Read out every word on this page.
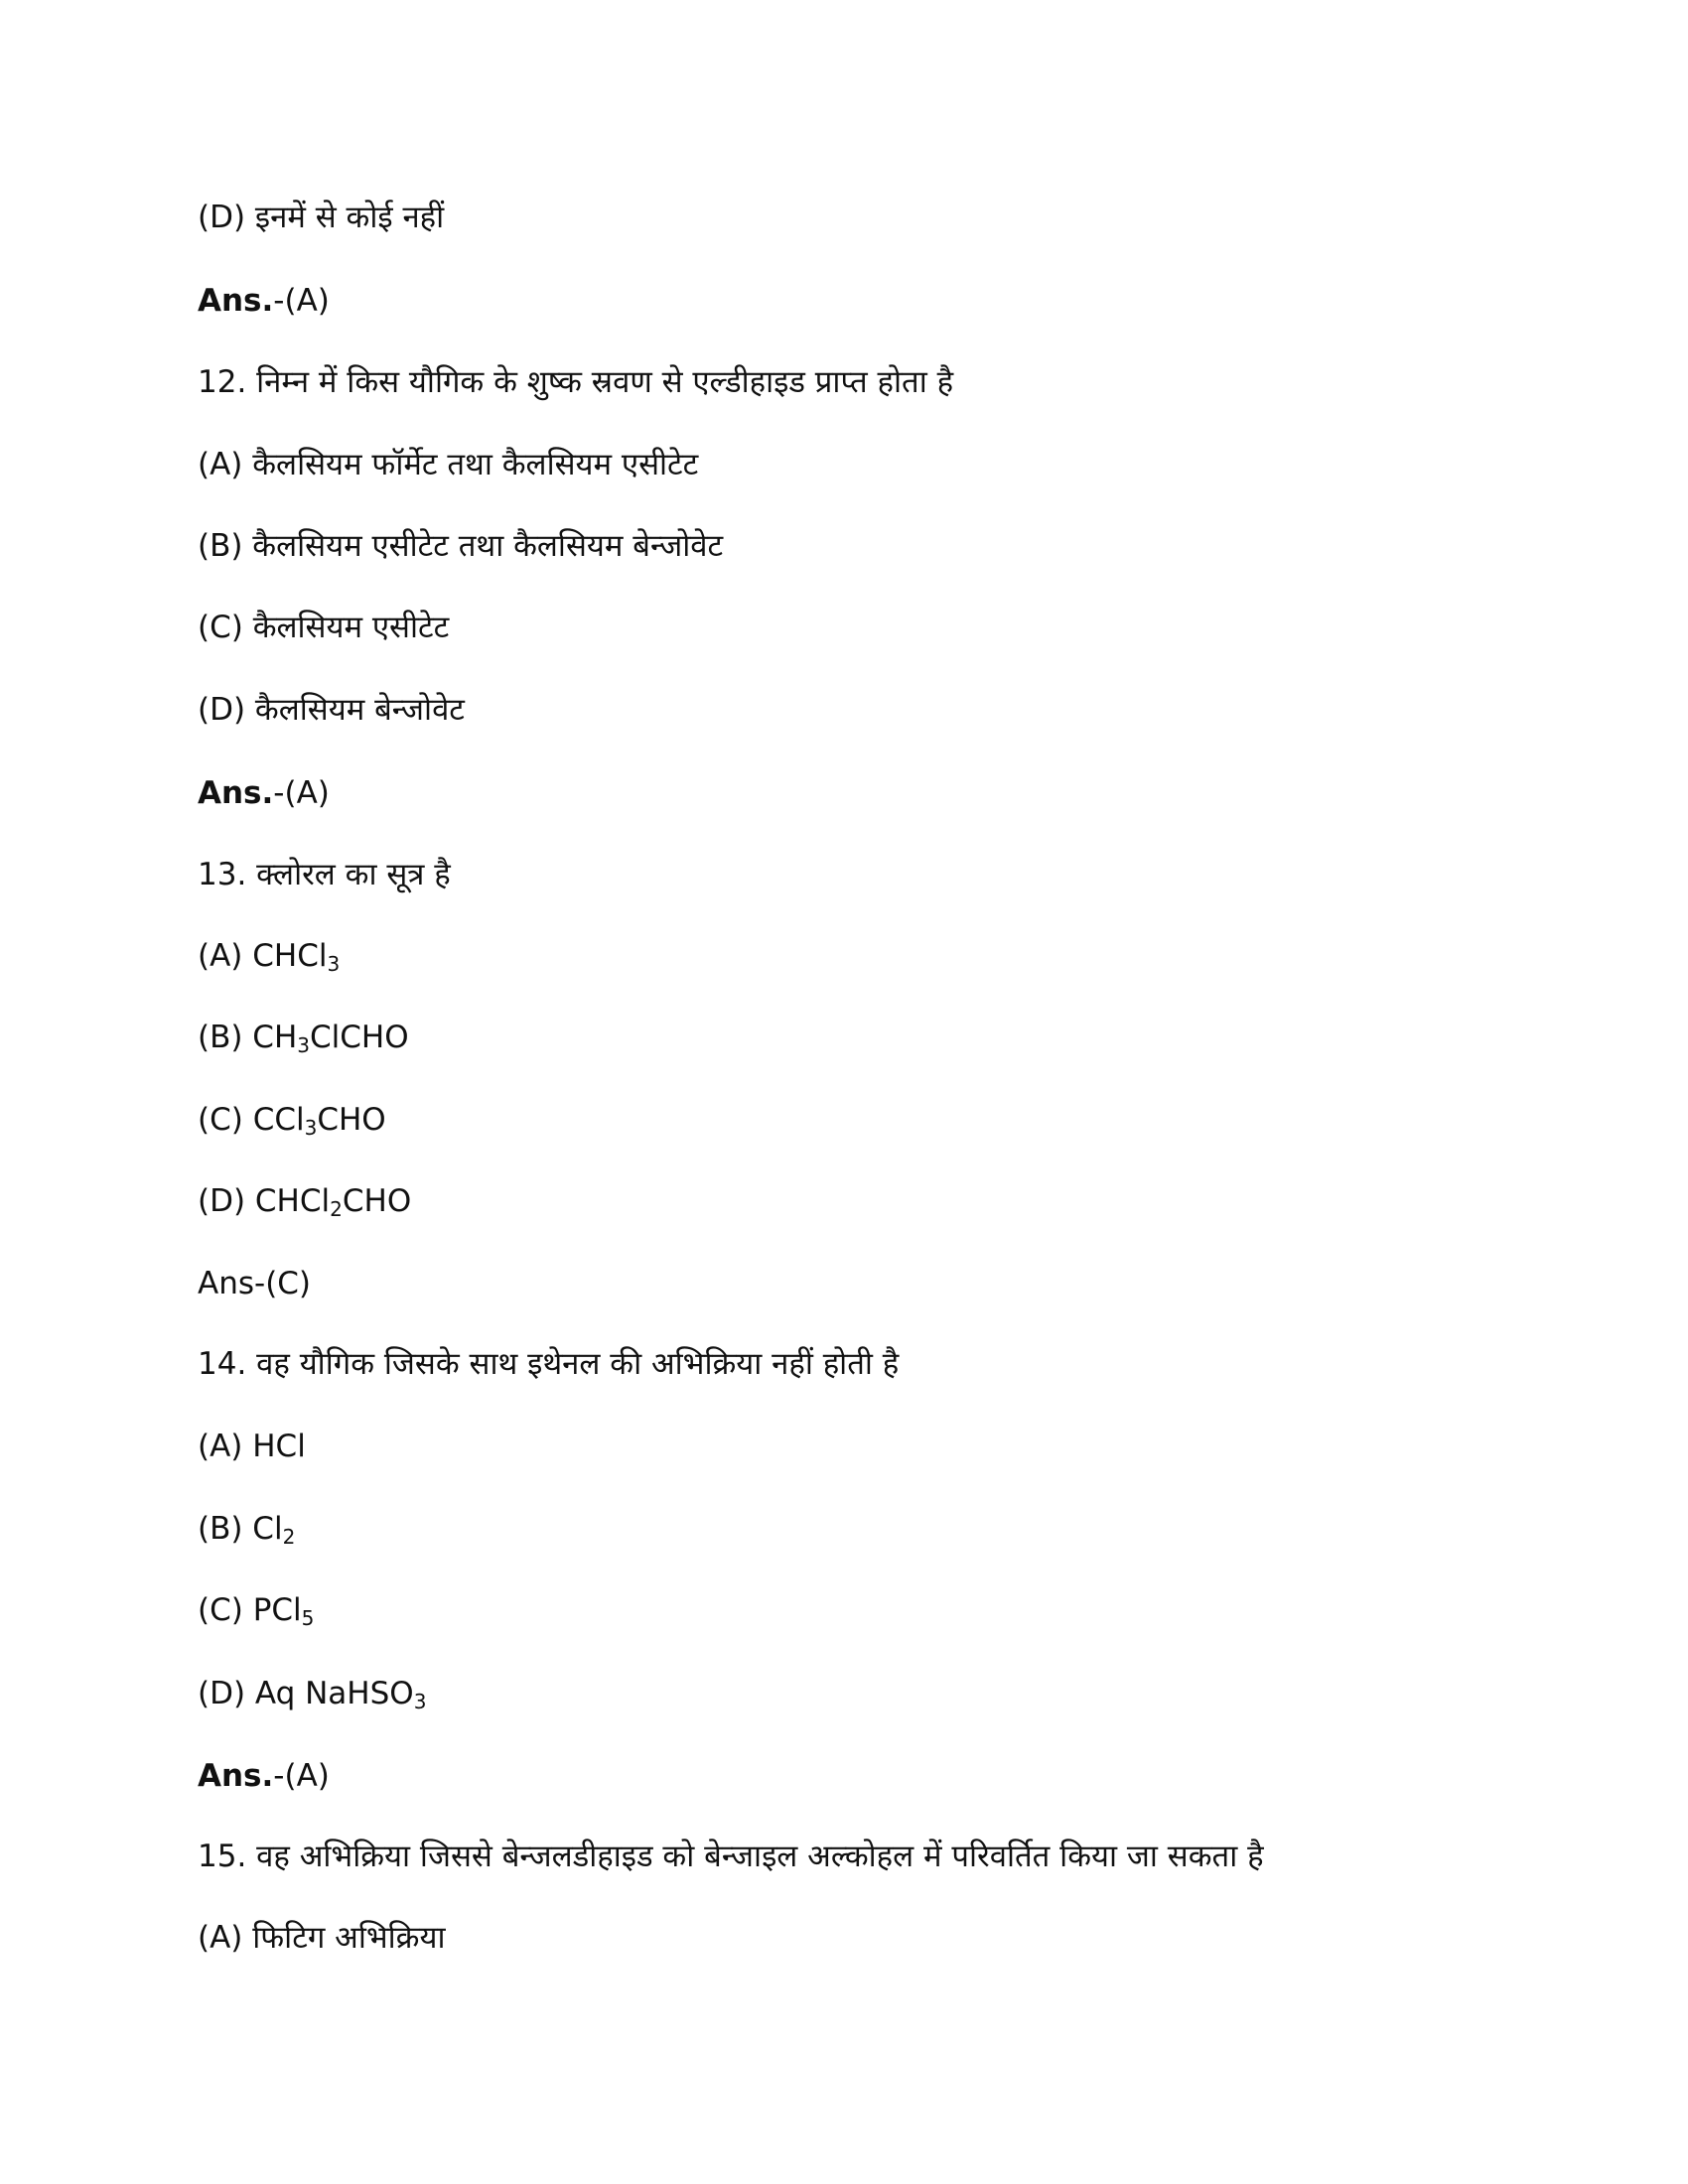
(D) इनमें से कोई नहीं
Ans.-(A)
12. निम्न में किस यौगिक के शुष्क स्रवण से एल्डीहाइड प्राप्त होता है
(A) कैलसियम फॉर्मेट तथा कैलसियम एसीटेट
(B) कैलसियम एसीटेट तथा कैलसियम बेन्जोवेट
(C) कैलसियम एसीटेट
(D) कैलसियम बेन्जोवेट
Ans.-(A)
13. क्लोरल का सूत्र है
(A) CHCl$_3$
(B) $CH_3ClCHO$
(C) CCl$_3$CHO
(D) CHCl$_2$CHO
Ans-(C)
14. वह यौगिक जिसके साथ इथेनल की अभिक्रिया नहीं होती है
(A) HCl
(B) $Cl_2$
(C) PCl$_5$
(D) Aq NaHSO$_3$
Ans.-(A)
15. वह अभिक्रिया जिससे बेन्जलडीहाइड को बेन्जाइल अल्कोहल में परिवर्तित किया जा सकता है
(A) फिटिग अभिक्रिया
